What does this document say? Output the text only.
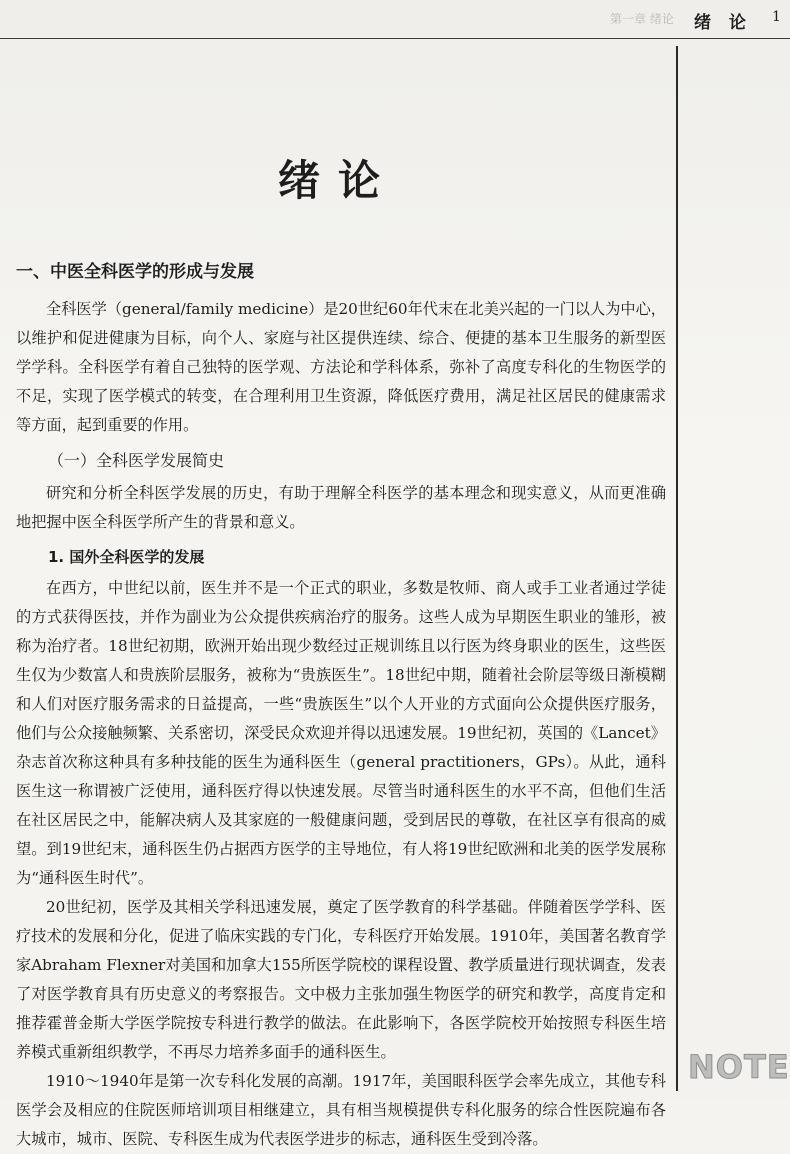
第一章 绪论 绪 论 1
绪论
一、中医全科医学的形成与发展

全科医学（general/family medicine）是20世纪60年代末在北美兴起的一门以人为中心，以维护和促进健康为目标，向个人、家庭与社区提供连续、综合、便捷的基本卫生服务的新型医学学科。全科医学有着自己独特的医学观、方法论和学科体系，弥补了高度专科化的生物医学的不足，实现了医学模式的转变，在合理利用卫生资源，降低医疗费用，满足社区居民的健康需求等方面，起到重要的作用。

（一）全科医学发展简史

研究和分析全科医学发展的历史，有助于理解全科医学的基本理念和现实意义，从而更准确地把握中医全科医学所产生的背景和意义。

1. 国外全科医学的发展

在西方，中世纪以前，医生并不是一个正式的职业，多数是牧师、商人或手工业者通过学徒的方式获得医技，并作为副业为公众提供疾病治疗的服务。这些人成为早期医生职业的雏形，被称为治疗者。18世纪初期，欧洲开始出现少数经过正规训练且以行医为终身职业的医生，这些医生仅为少数富人和贵族阶层服务，被称为“贵族医生”。18世纪中期，随着社会阶层等级日渐模糊和人们对医疗服务需求的日益提高，一些“贵族医生”以个人开业的方式面向公众提供医疗服务，他们与公众接触频繁、关系密切，深受民众欢迎并得以迅速发展。19世纪初，英国的《Lancet》杂志首次称这种具有多种技能的医生为通科医生（general practitioners，GPs）。从此，通科医生这一称谓被广泛使用，通科医疗得以快速发展。尽管当时通科医生的水平不高，但他们生活在社区居民之中，能解决病人及其家庭的一般健康问题，受到居民的尊敬，在社区享有很高的威望。到19世纪末，通科医生仍占据西方医学的主导地位，有人将19世纪欧洲和北美的医学发展称为“通科医生时代”。

20世纪初，医学及其相关学科迅速发展，奠定了医学教育的科学基础。伴随着医学学科、医疗技术的发展和分化，促进了临床实践的专门化，专科医疗开始发展。1910年，美国著名教育学家Abraham Flexner对美国和加拿大155所医学院校的课程设置、教学质量进行现状调查，发表了对医学教育具有历史意义的考察报告。文中极力主张加强生物医学的研究和教学，高度肯定和推荐霍普金斯大学医学院按专科进行教学的做法。在此影响下，各医学院校开始按照专科医生培养模式重新组织教学，不再尽力培养多面手的通科医生。

1910～1940年是第一次专科化发展的高潮。1917年，美国眼科医学会率先成立，其他专科医学会及相应的住院医师培训项目相继建立，具有相当规模提供专科化服务的综合性医院遍布各大城市，城市、医院、专科医生成为代表医学进步的标志，通科医生受到冷落。

NOTE
